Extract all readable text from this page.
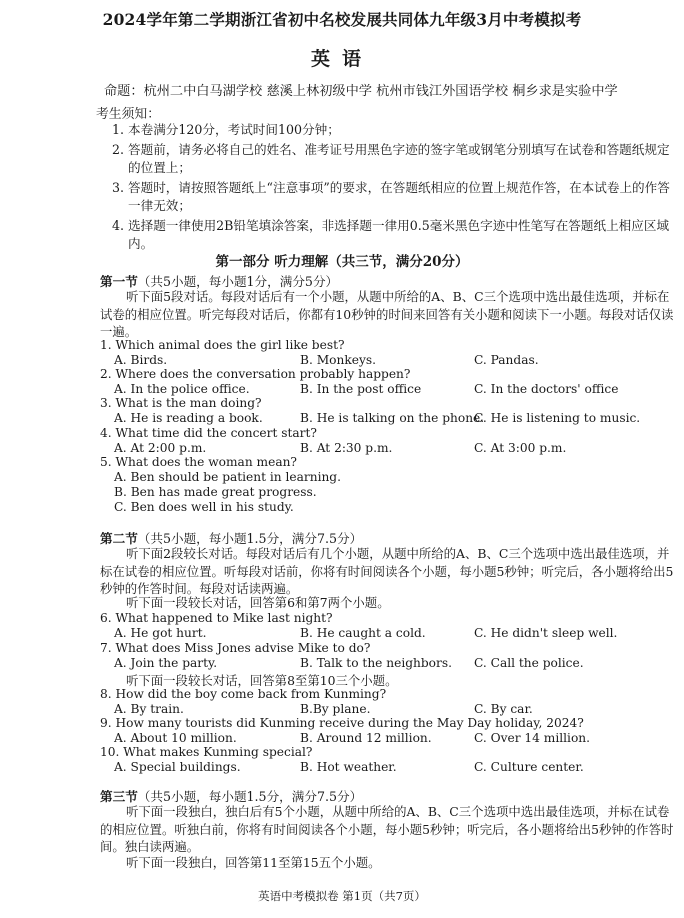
2024学年第二学期浙江省初中名校发展共同体九年级3月中考模拟考
英语
命题：杭州二中白马湖学校 慈溪上林初级中学 杭州市钱江外国语学校 桐乡求是实验中学
考生须知：
1. 本卷满分120分，考试时间100分钟；
2. 答题前，请务必将自己的姓名、准考证号用黑色字迹的签字笔或钢笔分别填写在试卷和答题纸规定的位置上；
3. 答题时，请按照答题纸上“注意事项”的要求，在答题纸相应的位置上规范作答，在本试卷上的作答一律无效；
4. 选择题一律使用2B铅笔填涂答案，非选择题一律用0.5毫米黑色字迹中性笔写在答题纸上相应区域内。
第一部分 听力理解（共三节，满分20分）
第一节（共5小题，每小题1分，满分5分）
听下面5段对话。每段对话后有一个小题，从题中所给的A、B、C三个选项中选出最佳选项，并标在试卷的相应位置。听完每段对话后，你都有10秒钟的时间来回答有关小题和阅读下一小题。每段对话仅读一遍。
1. Which animal does the girl like best?
A. Birds.	B. Monkeys.	C. Pandas.
2. Where does the conversation probably happen?
A. In the police office.	B. In the post office	C. In the doctors' office
3. What is the man doing?
A. He is reading a book.	B. He is talking on the phone.
C. He is listening to music.
4. What time did the concert start?
A. At 2:00 p.m.	B. At 2:30 p.m.	C. At 3:00 p.m.
5. What does the woman mean?
A. Ben should be patient in learning.
B. Ben has made great progress.
C. Ben does well in his study.
第二节（共5小题，每小题1.5分，满分7.5分）
听下面2段较长对话。每段对话后有几个小题，从题中所给的A、B、C三个选项中选出最佳选项，并标在试卷的相应位置。听每段对话前，你将有时间阅读各个小题，每小题5秒钟；听完后，各小题将给出5秒钟的作答时间。每段对话读两遍。
听下面一段较长对话，回答第6和第7两个小题。
6. What happened to Mike last night?
A. He got hurt.	B. He caught a cold.	C. He didn't sleep well.
7. What does Miss Jones advise Mike to do?
A. Join the party.	B. Talk to the neighbors. C. Call the police.
听下面一段较长对话，回答第8至第10三个小题。
8. How did the boy come back from Kunming?
A. By train.	B.By plane.	C. By car.
9. How many tourists did Kunming receive during the May Day holiday, 2024?
A. About 10 million.	B. Around 12 million.	C. Over 14 million.
10. What makes Kunming special?
A. Special buildings.	B. Hot weather.	C. Culture center.
第三节（共5小题，每小题1.5分，满分7.5分）
听下面一段独白，独白后有5个小题，从题中所给的A、B、C三个选项中选出最佳选项，并标在试卷的相应位置。听独白前，你将有时间阅读各个小题，每小题5秒钟；听完后，各小题将给出5秒钟的作答时间。独白读两遍。
听下面一段独白，回答第11至第15五个小题。
英语中考模拟卷 第1页（共7页）
